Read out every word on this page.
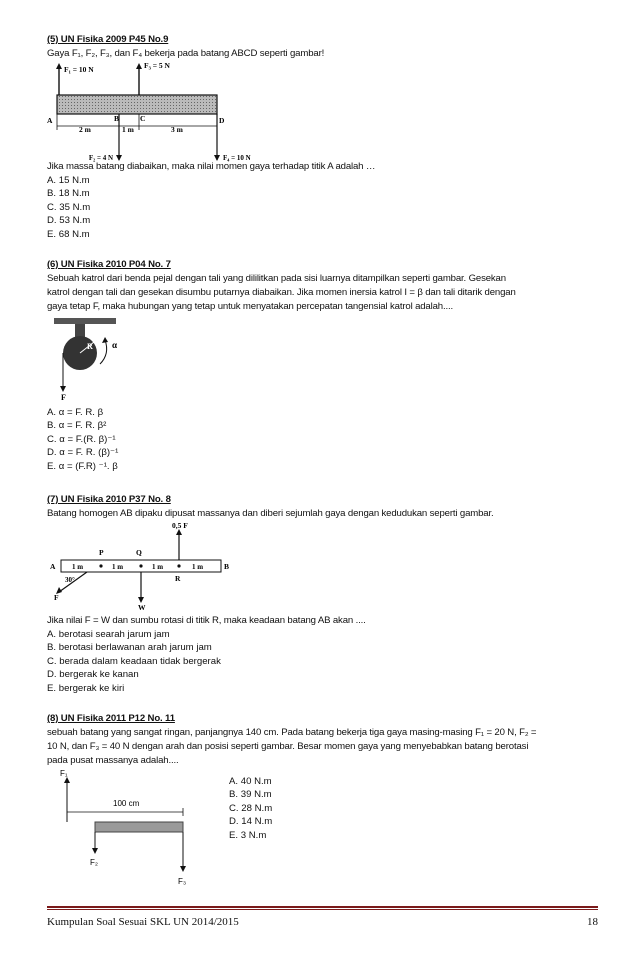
(5) UN Fisika 2009 P45 No.9
Gaya F₁, F₂, F₃, dan F₄ bekerja pada batang ABCD seperti gambar!
F₁ = 10 N	F₃ = 5 N
2 m	1 m	3 m
A	B	C	D
F₂ = 4 N	F₄ = 10 N
Jika massa batang diabaikan, maka nilai momen gaya terhadap titik A adalah …
A. 15 N.m
B. 18 N.m
C. 35 N.m
D. 53 N.m
E. 68 N.m
(6) UN Fisika 2010 P04 No. 7
Sebuah katrol dari benda pejal dengan tali yang dililitkan pada sisi luarnya ditampilkan seperti gambar. Gesekan
katrol dengan tali dan gesekan disumbu putarnya diabaikan. Jika momen inersia katrol I = β dan tali ditarik dengan
gaya tetap F, maka hubungan yang tetap untuk menyatakan percepatan tangensial katrol adalah....
R
F
α
A. α = F. R. β
B. α = F. R. β²
C. α = F.(R. β)⁻¹
D. α = F. R. (β)⁻¹
E. α = (F.R) ⁻¹. β
(7) UN Fisika 2010 P37 No. 8
Batang homogen AB dipaku dipusat massanya dan diberi sejumlah gaya dengan kedudukan seperti gambar.
0,5 F
A	B
P	Q
R
1 m	1 m	1 m	1 m
30°
F
W
Jika nilai F = W dan sumbu rotasi di titik R, maka keadaan batang AB akan ....
A. berotasi searah jarum jam
B. berotasi berlawanan arah jarum jam
C. berada dalam keadaan tidak bergerak
D. bergerak ke kanan
E. bergerak ke kiri
(8) UN Fisika 2011 P12 No. 11
sebuah batang yang sangat ringan, panjangnya 140 cm. Pada batang bekerja tiga gaya masing-masing F₁ = 20 N, F₂ =
10 N, dan F₃ = 40 N dengan arah dan posisi seperti gambar. Besar momen gaya yang menyebabkan batang berotasi
pada pusat massanya adalah....
F₁
100 cm
F₂
F₃
A. 40 N.m
B. 39 N.m
C. 28 N.m
D. 14 N.m
E. 3 N.m
Kumpulan Soal Sesuai SKL UN 2014/2015	18
